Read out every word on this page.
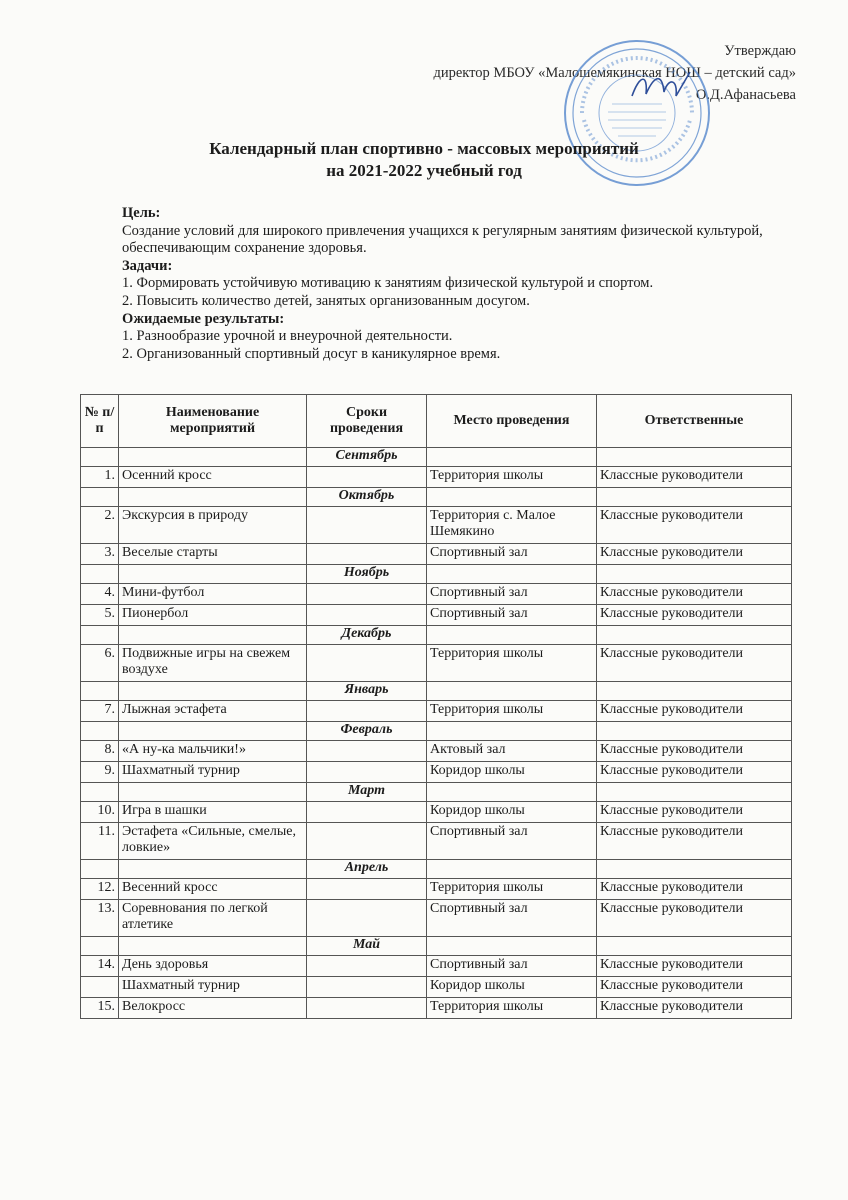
Утверждаю
директор МБОУ «Малошемякинская НОШ – детский сад»
О.Д.Афанасьева
Календарный план спортивно - массовых мероприятий
на 2021-2022 учебный год
Цель:
Создание условий для широкого привлечения учащихся к регулярным занятиям физической культурой, обеспечивающим сохранение здоровья.
Задачи:
1. Формировать устойчивую мотивацию к занятиям физической культурой и спортом.
2. Повысить количество детей, занятых организованным досугом.
Ожидаемые результаты:
1. Разнообразие урочной и внеурочной деятельности.
2. Организованный спортивный досуг в каникулярное время.
№ п/п	Наименование мероприятий	Сроки проведения	Место проведения	Ответственные
		Сентябрь		
1.	Осенний кросс		Территория школы	Классные руководители
		Октябрь		
2.	Экскурсия в природу		Территория с. Малое Шемякино	Классные руководители
3.	Веселые старты		Спортивный зал	Классные руководители
		Ноябрь		
4.	Мини-футбол		Спортивный зал	Классные руководители
5.	Пионербол		Спортивный зал	Классные руководители
		Декабрь		
6.	Подвижные игры на свежем воздухе		Территория школы	Классные руководители
		Январь		
7.	Лыжная эстафета		Территория школы	Классные руководители
		Февраль		
8.	«А ну-ка мальчики!»		Актовый зал	Классные руководители
9.	Шахматный турнир		Коридор школы	Классные руководители
		Март		
10.	Игра в шашки		Коридор школы	Классные руководители
11.	Эстафета «Сильные, смелые, ловкие»		Спортивный зал	Классные руководители
		Апрель		
12.	Весенний кросс		Территория школы	Классные руководители
13.	Соревнования по легкой атлетике		Спортивный зал	Классные руководители
		Май		
14.	День здоровья		Спортивный зал	Классные руководители
	Шахматный турнир		Коридор школы	Классные руководители
15.	Велокросс		Территория школы	Классные руководители
